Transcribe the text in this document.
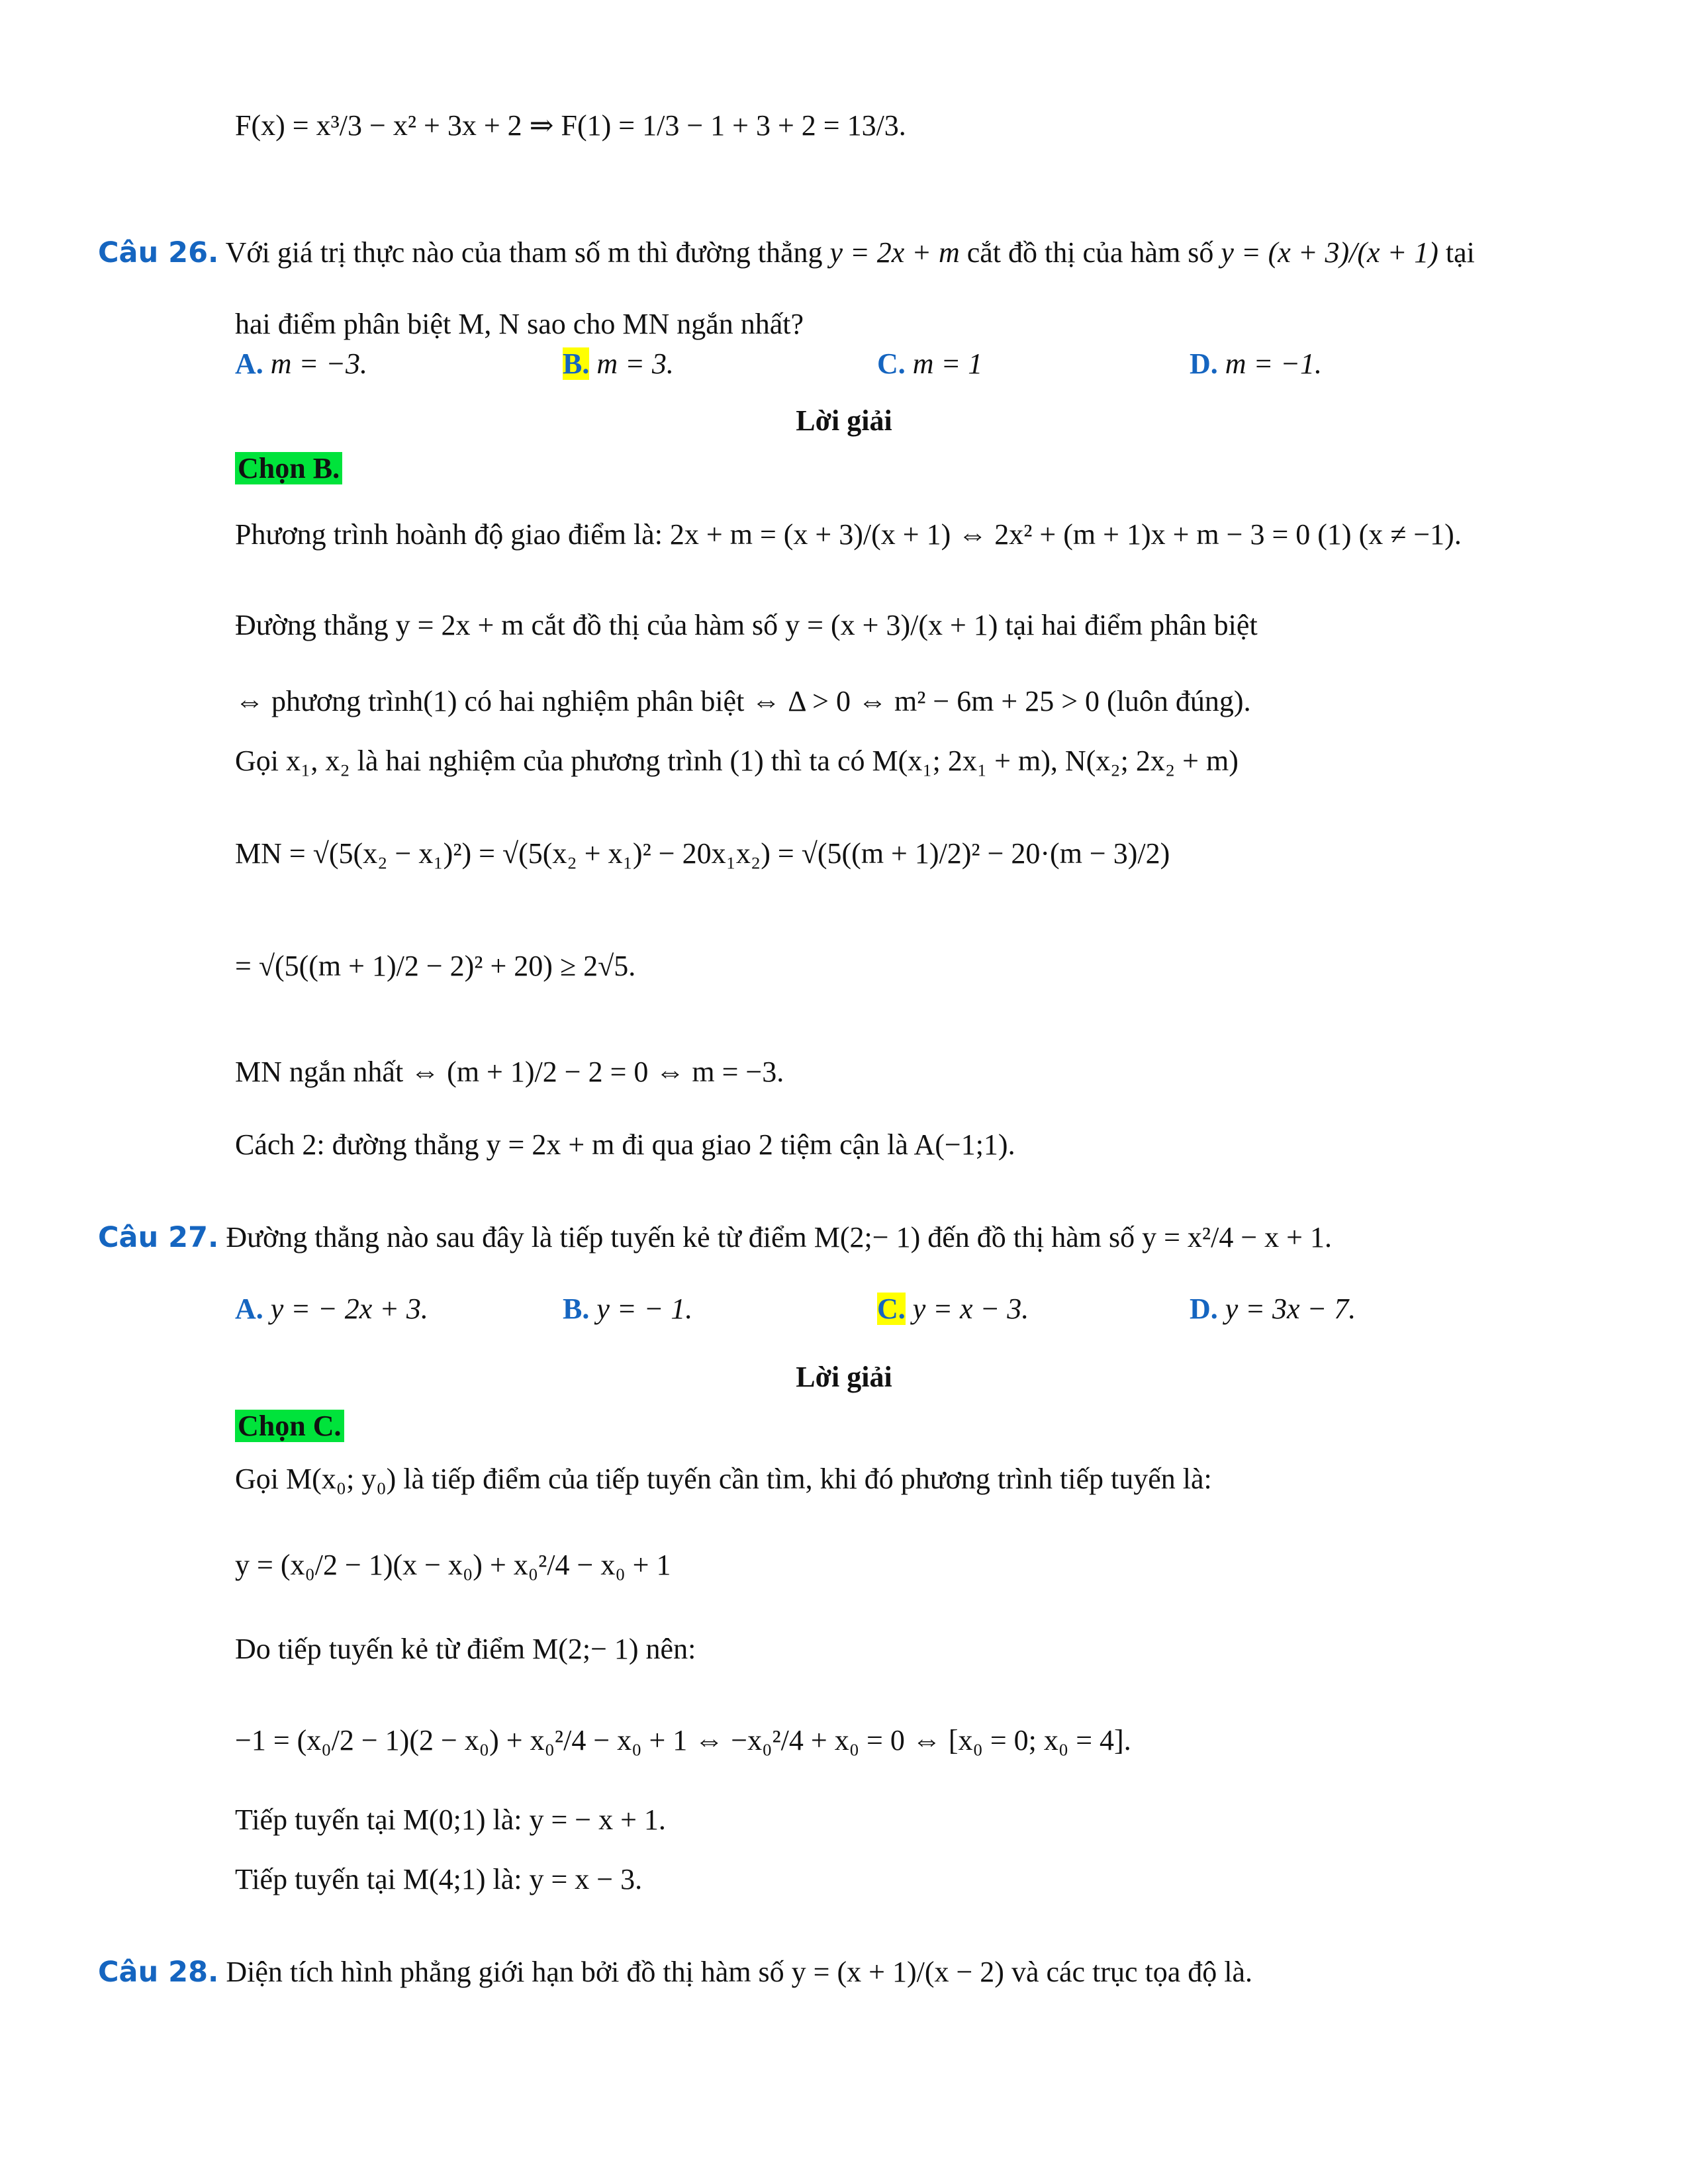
F(x) = x³/3 − x² + 3x + 2 ⇒ F(1) = 1/3 − 1 + 3 + 2 = 13/3.
Câu 26. Với giá trị thực nào của tham số m thì đường thẳng y = 2x + m cắt đồ thị của hàm số y = (x + 3)/(x + 1) tại
hai điểm phân biệt M, N sao cho MN ngắn nhất?
A. m = −3.	B. m = 3.	C. m = 1	D. m = −1.
Lời giải
Chọn B.
Phương trình hoành độ giao điểm là: 2x + m = (x + 3)/(x + 1) ⇔ 2x² + (m + 1)x + m − 3 = 0 (1) (x ≠ −1).
Đường thẳng y = 2x + m cắt đồ thị của hàm số y = (x + 3)/(x + 1) tại hai điểm phân biệt
⇔ phương trình(1) có hai nghiệm phân biệt ⇔ Δ > 0 ⇔ m² − 6m + 25 > 0 (luôn đúng).
Gọi x₁, x₂ là hai nghiệm của phương trình (1) thì ta có M(x₁; 2x₁ + m), N(x₂; 2x₂ + m)
MN = √(5(x₂ − x₁)²) = √(5(x₂ + x₁)² − 20x₁x₂) = √(5((m + 1)/2)² − 20·(m − 3)/2)
= √(5((m + 1)/2 − 2)² + 20) ≥ 2√5.
MN ngắn nhất ⇔ (m + 1)/2 − 2 = 0 ⇔ m = −3.
Cách 2: đường thẳng y = 2x + m đi qua giao 2 tiệm cận là A(−1;1).
Câu 27. Đường thẳng nào sau đây là tiếp tuyến kẻ từ điểm M(2;− 1) đến đồ thị hàm số y = x²/4 − x + 1.
A. y = − 2x + 3.	B. y = − 1.	C. y = x − 3.	D. y = 3x − 7.
Lời giải
Chọn C.
Gọi M(x₀; y₀) là tiếp điểm của tiếp tuyến cần tìm, khi đó phương trình tiếp tuyến là:
y = (x₀/2 − 1)(x − x₀) + x₀²/4 − x₀ + 1
Do tiếp tuyến kẻ từ điểm M(2;− 1) nên:
−1 = (x₀/2 − 1)(2 − x₀) + x₀²/4 − x₀ + 1 ⇔ −x₀²/4 + x₀ = 0 ⇔ [x₀ = 0; x₀ = 4].
Tiếp tuyến tại M(0;1) là: y = − x + 1.
Tiếp tuyến tại M(4;1) là: y = x − 3.
Câu 28. Diện tích hình phẳng giới hạn bởi đồ thị hàm số y = (x + 1)/(x − 2) và các trục tọa độ là.
